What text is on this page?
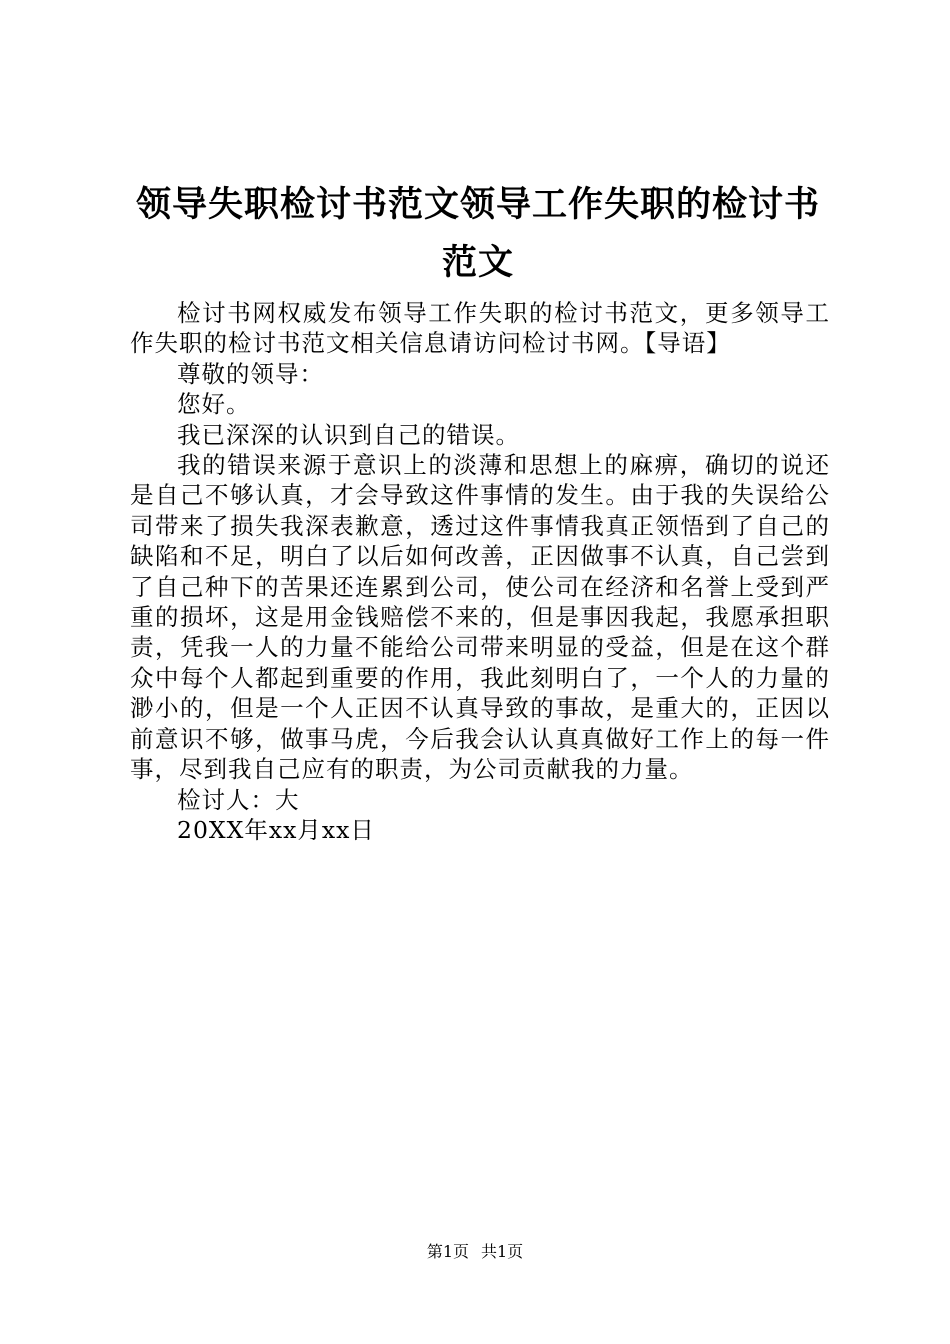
领导失职检讨书范文领导工作失职的检讨书范文

检讨书网权威发布领导工作失职的检讨书范文，更多领导工作失职的检讨书范文相关信息请访问检讨书网。【导语】

尊敬的领导：

您好。

我已深深的认识到自己的错误。

我的错误来源于意识上的淡薄和思想上的麻痹，确切的说还是自己不够认真，才会导致这件事情的发生。由于我的失误给公司带来了损失我深表歉意，透过这件事情我真正领悟到了自己的缺陷和不足，明白了以后如何改善，正因做事不认真，自己尝到了自己种下的苦果还连累到公司，使公司在经济和名誉上受到严重的损坏，这是用金钱赔偿不来的，但是事因我起，我愿承担职责，凭我一人的力量不能给公司带来明显的受益，但是在这个群众中每个人都起到重要的作用，我此刻明白了，一个人的力量的渺小的，但是一个人正因不认真导致的事故，是重大的，正因以前意识不够，做事马虎，今后我会认认真真做好工作上的每一件事，尽到我自己应有的职责，为公司贡献我的力量。

检讨人：大

20XX年xx月xx日

第1页 共1页
